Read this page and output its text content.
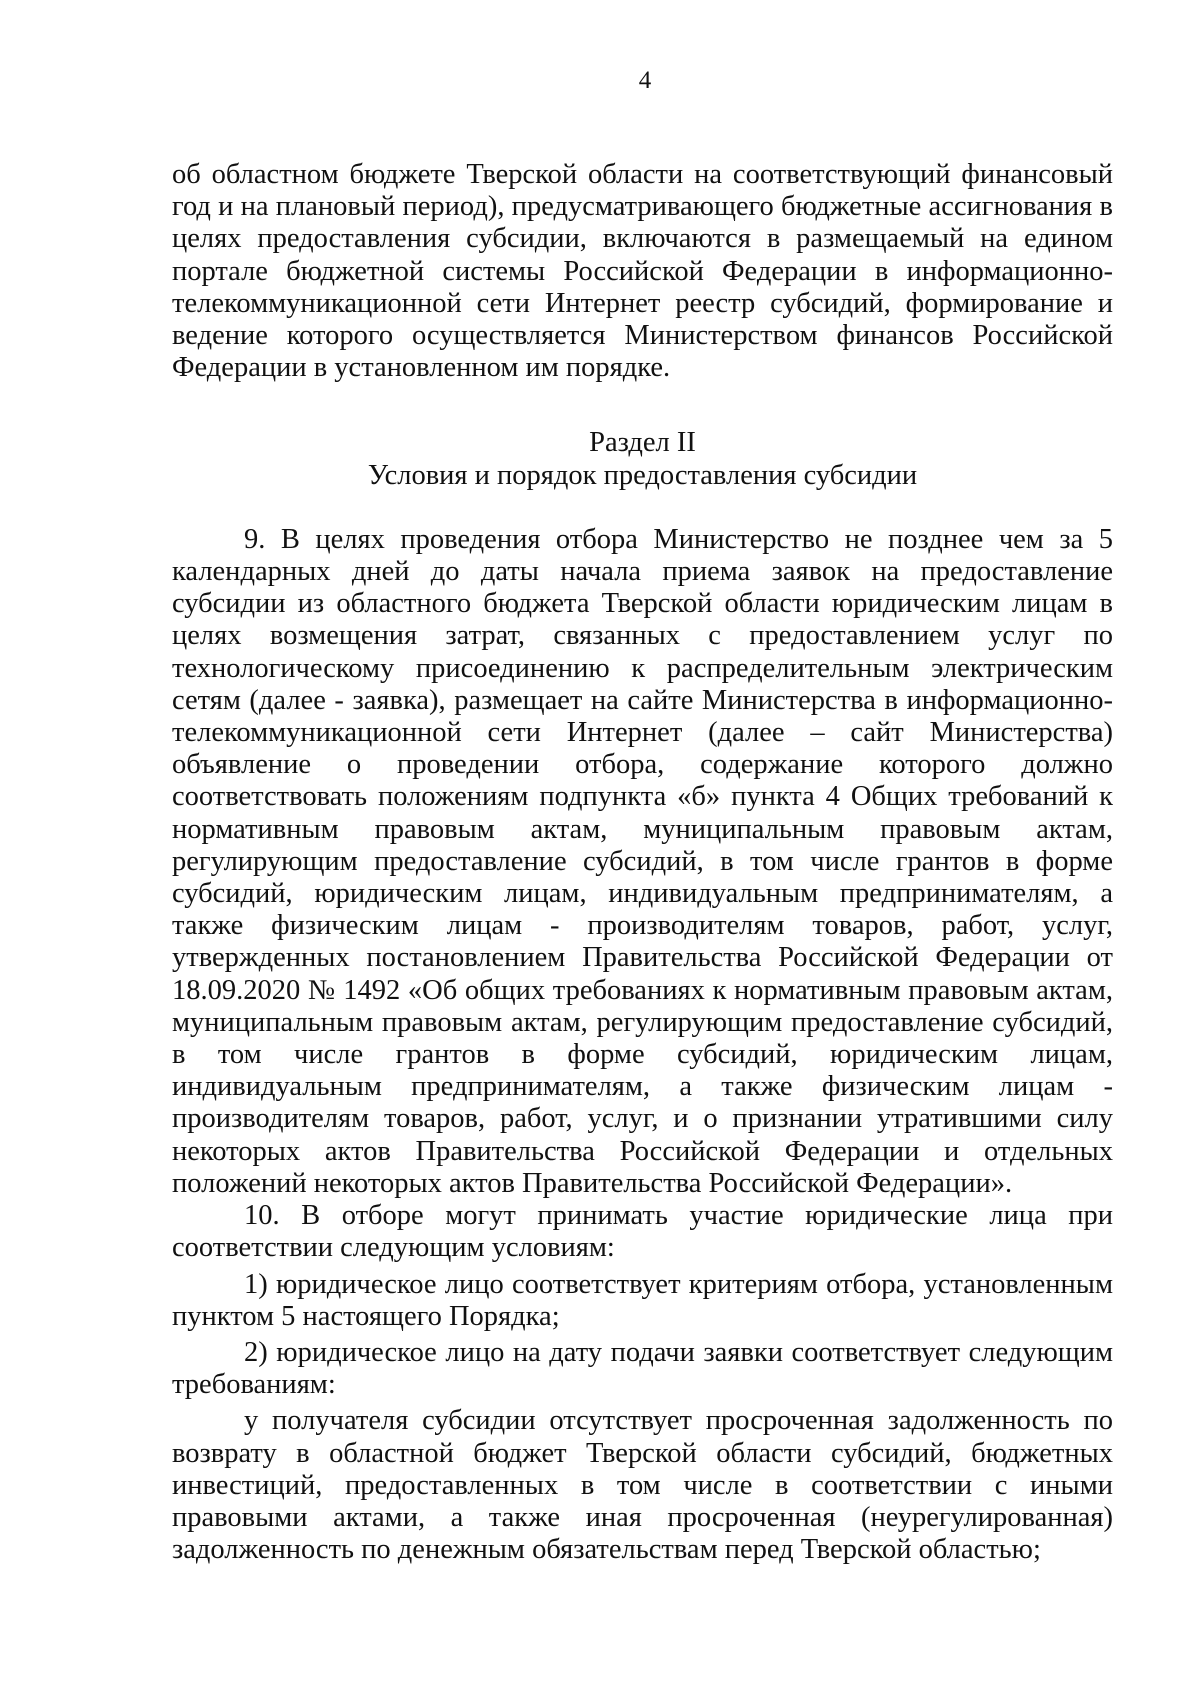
4

об областном бюджете Тверской области на соответствующий финансовый год и на плановый период), предусматривающего бюджетные ассигнования в целях предоставления субсидии, включаются в размещаемый на едином портале бюджетной системы Российской Федерации в информационно-телекоммуникационной сети Интернет реестр субсидий, формирование и ведение которого осуществляется Министерством финансов Российской Федерации в установленном им порядке.

Раздел II

Условия и порядок предоставления субсидии

9. В целях проведения отбора Министерство не позднее чем за 5 календарных дней до даты начала приема заявок на предоставление субсидии из областного бюджета Тверской области юридическим лицам в целях возмещения затрат, связанных с предоставлением услуг по технологическому присоединению к распределительным электрическим сетям (далее - заявка), размещает на сайте Министерства в информационно-телекоммуникационной сети Интернет (далее – сайт Министерства) объявление о проведении отбора, содержание которого должно соответствовать положениям подпункта «б» пункта 4 Общих требований к нормативным правовым актам, муниципальным правовым актам, регулирующим предоставление субсидий, в том числе грантов в форме субсидий, юридическим лицам, индивидуальным предпринимателям, а также физическим лицам - производителям товаров, работ, услуг, утвержденных постановлением Правительства Российской Федерации от 18.09.2020 № 1492 «Об общих требованиях к нормативным правовым актам, муниципальным правовым актам, регулирующим предоставление субсидий, в том числе грантов в форме субсидий, юридическим лицам, индивидуальным предпринимателям, а также физическим лицам - производителям товаров, работ, услуг, и о признании утратившими силу некоторых актов Правительства Российской Федерации и отдельных положений некоторых актов Правительства Российской Федерации».

10. В отборе могут принимать участие юридические лица при соответствии следующим условиям:

1) юридическое лицо соответствует критериям отбора, установленным пунктом 5 настоящего Порядка;

2) юридическое лицо на дату подачи заявки соответствует следующим требованиям:

у получателя субсидии отсутствует просроченная задолженность по возврату в областной бюджет Тверской области субсидий, бюджетных инвестиций, предоставленных в том числе в соответствии с иными правовыми актами, а также иная просроченная (неурегулированная) задолженность по денежным обязательствам перед Тверской областью;
